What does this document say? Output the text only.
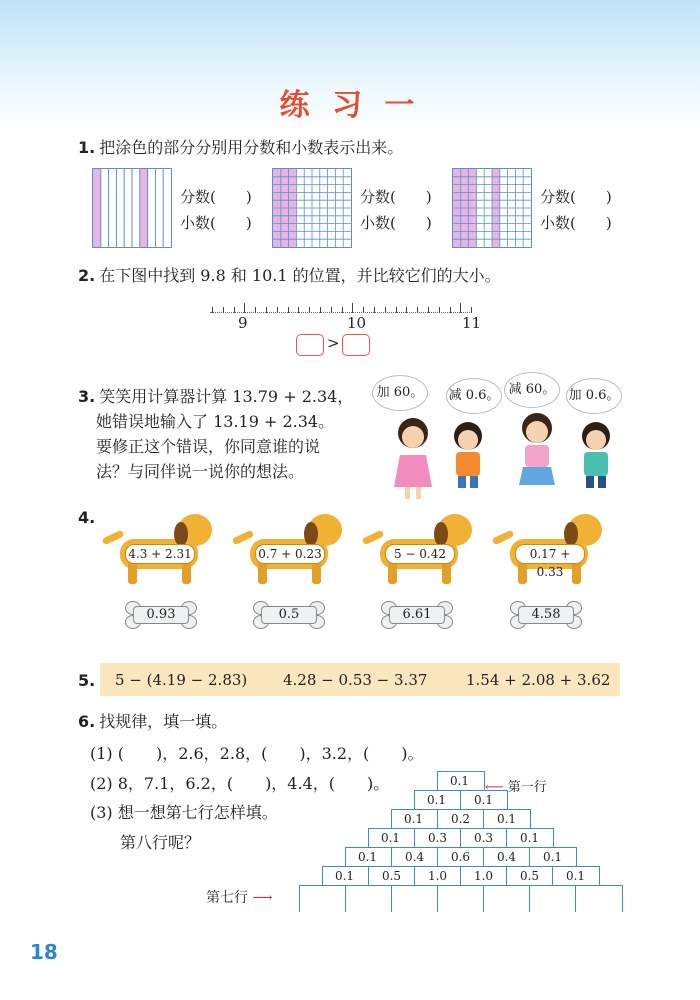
练 习 一
1. 把涂色的部分分别用分数和小数表示出来。
分数(　　)
小数(　　)
分数(　　)
小数(　　)
分数(　　)
小数(　　)
2. 在下图中找到 9.8 和 10.1 的位置，并比较它们的大小。
9	10	11
>
3. 笑笑用计算器计算 13.79 + 2.34，
她错误地输入了 13.19 + 2.34。
要修正这个错误，你同意谁的说
法？与同伴说一说你的想法。
加 60。	减 0.6。 减 60。	加 0.6。
4.
4.3 + 2.31	0.7 + 0.23	5 − 0.42	0.17 + 0.33
0.93	0.5	6.61	4.58
5. 5 − (4.19 − 2.83) 4.28 − 0.53 − 3.37	1.54 + 2.08 + 3.62
6. 找规律，填一填。
(1) (　　)，2.6，2.8，(　　)，3.2，(　　)。
(2) 8，7.1，6.2，(　　)，4.4，(　　)。
(3) 想一想第七行怎样填。
第八行呢？
0.1
0.1	0.1
0.1	0.2	0.1
0.1	0.3	0.3	0.1
0.1	0.4	0.6	0.4	0.1
0.1	0.5	1.0	1.0	0.5	0.1
⟵ 第一行
第七行 ⟶
18
